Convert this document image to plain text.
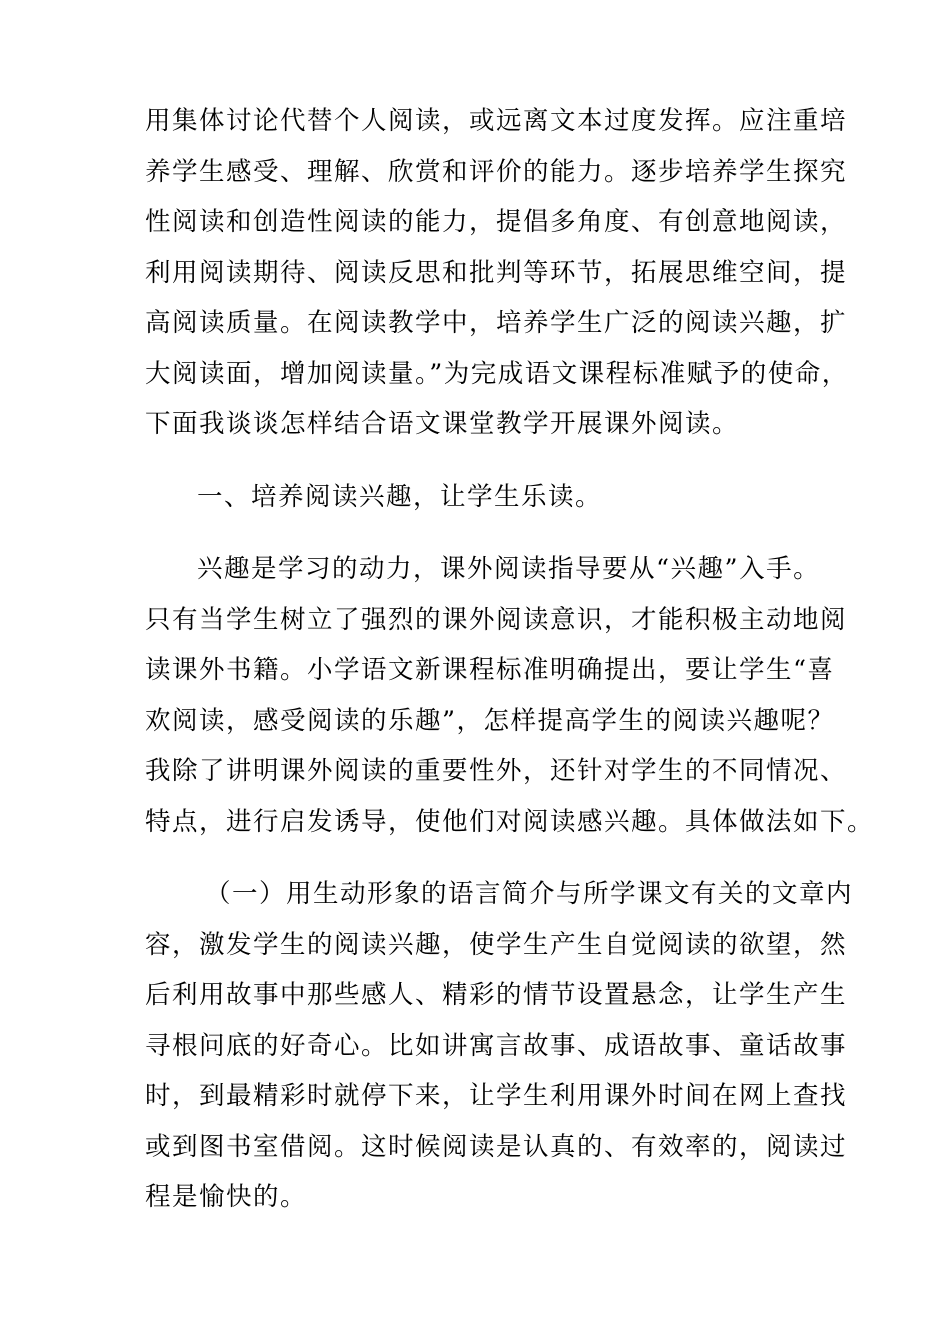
用集体讨论代替个人阅读，或远离文本过度发挥。应注重培
养学生感受、理解、欣赏和评价的能力。逐步培养学生探究
性阅读和创造性阅读的能力，提倡多角度、有创意地阅读，
利用阅读期待、阅读反思和批判等环节，拓展思维空间，提
高阅读质量。在阅读教学中，培养学生广泛的阅读兴趣，扩
大阅读面，增加阅读量。”为完成语文课程标准赋予的使命，
下面我谈谈怎样结合语文课堂教学开展课外阅读。
一、培养阅读兴趣，让学生乐读。
兴趣是学习的动力，课外阅读指导要从“兴趣”入手。
只有当学生树立了强烈的课外阅读意识，才能积极主动地阅
读课外书籍。小学语文新课程标准明确提出，要让学生“喜
欢阅读，感受阅读的乐趣”，怎样提高学生的阅读兴趣呢？
我除了讲明课外阅读的重要性外，还针对学生的不同情况、
特点，进行启发诱导，使他们对阅读感兴趣。具体做法如下。
（一）用生动形象的语言简介与所学课文有关的文章内
容，激发学生的阅读兴趣，使学生产生自觉阅读的欲望，然
后利用故事中那些感人、精彩的情节设置悬念，让学生产生
寻根问底的好奇心。比如讲寓言故事、成语故事、童话故事
时，到最精彩时就停下来，让学生利用课外时间在网上查找
或到图书室借阅。这时候阅读是认真的、有效率的，阅读过
程是愉快的。
